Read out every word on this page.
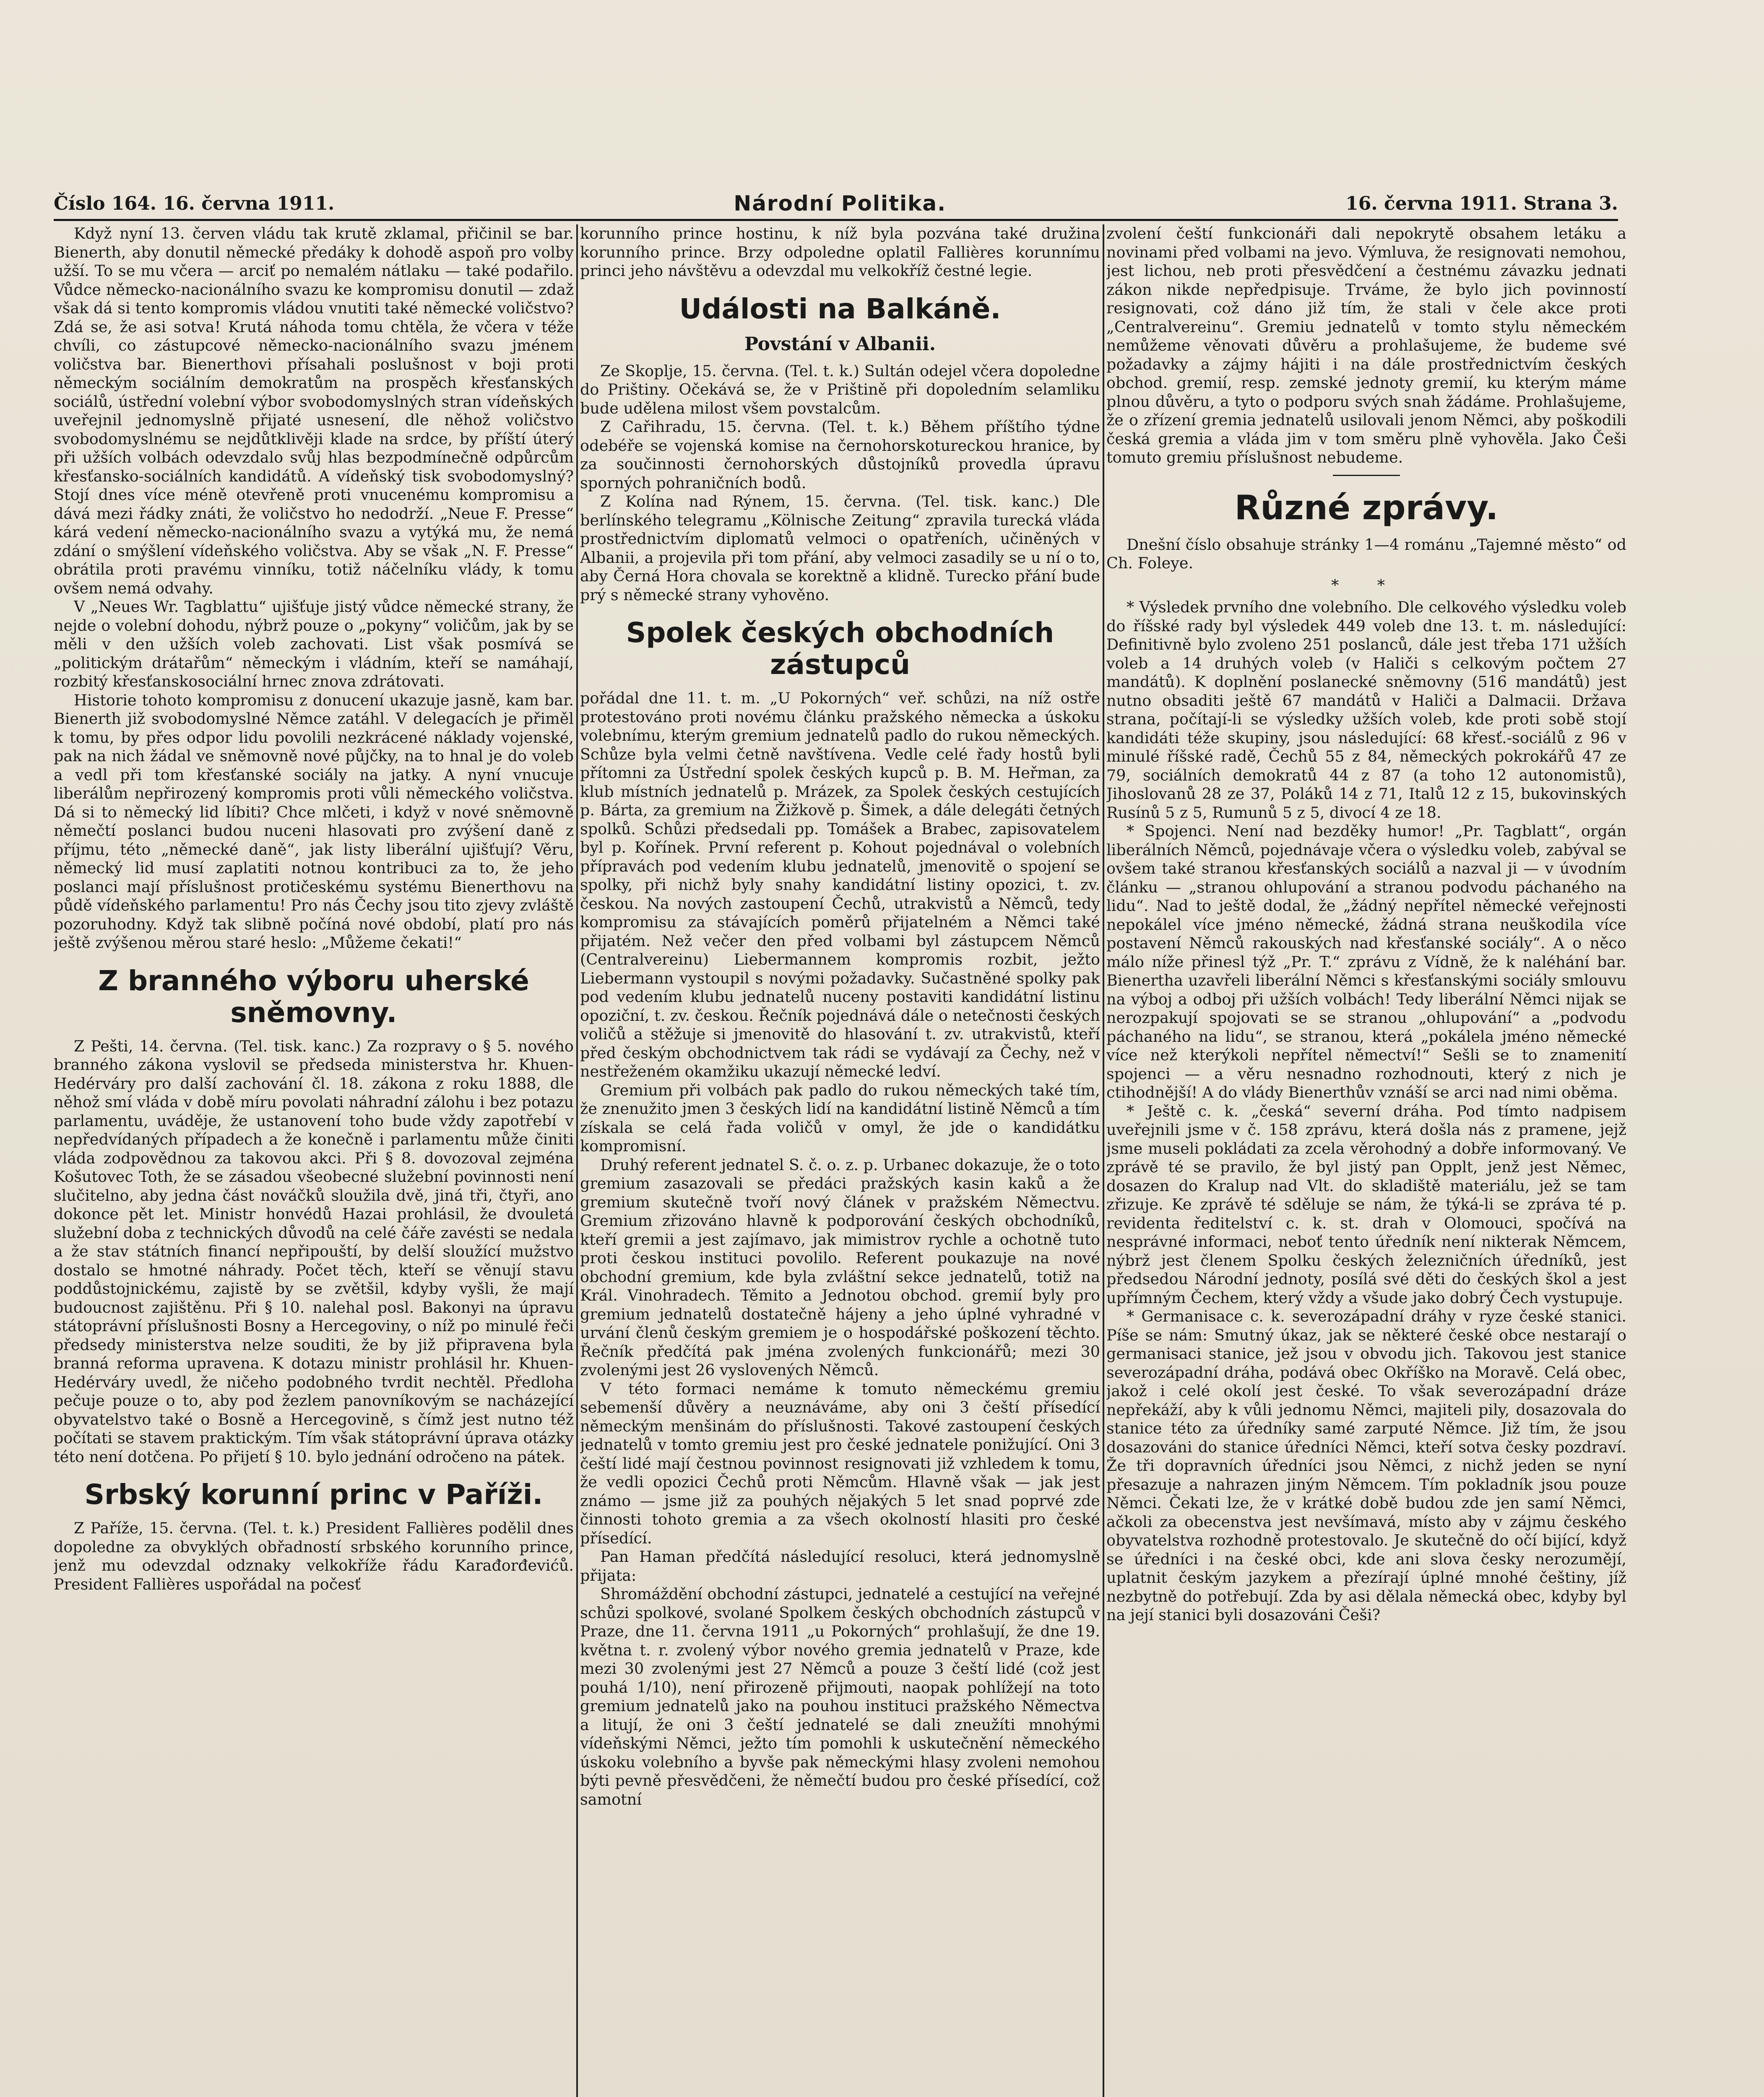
Číslo 164. 16. června 1911.	Národní Politika.	16. června 1911. Strana 3.

Když nyní 13. červen vládu tak krutě zklamal, přičinil se bar. Bienerth, aby donutil německé předáky k dohodě aspoň pro volby užší. To se mu včera — arciť po nemalém nátlaku — také podařilo. Vůdce německo-nacionálního svazu ke kompromisu donutil — zdaž však dá si tento kompromis vládou vnutiti také německé voličstvo? Zdá se, že asi sotva! Krutá náhoda tomu chtěla, že včera v téže chvíli, co zástupcové německo-nacionálního svazu jménem voličstva bar. Bienerthovi přísahali poslušnost v boji proti německým sociálním demokratům na prospěch křesťanských sociálů, ústřední volební výbor svobodomyslných stran vídeňských uveřejnil jednomyslně přijaté usnesení, dle něhož voličstvo svobodomyslnému se nejdůtklivěji klade na srdce, by příští úterý při užších volbách odevzdalo svůj hlas bezpodmínečně odpůrcům křesťansko-sociálních kandidátů. A vídeňský tisk svobodomyslný? Stojí dnes více méně otevřeně proti vnucenému kompromisu a dává mezi řádky znáti, že voličstvo ho nedodrží. „Neue F. Presse“ kárá vedení německo-nacionálního svazu a vytýká mu, že nemá zdání o smýšlení vídeňského voličstva. Aby se však „N. F. Presse“ obrátila proti pravému vinníku, totiž náčelníku vlády, k tomu ovšem nemá odvahy.

V „Neues Wr. Tagblattu“ ujišťuje jistý vůdce německé strany, že nejde o volební dohodu, nýbrž pouze o „pokyny“ voličům, jak by se měli v den užších voleb zachovati. List však posmívá se „politickým drátařům“ německým i vládním, kteří se namáhají, rozbitý křesťanskosociální hrnec znova zdrátovati.

Historie tohoto kompromisu z donucení ukazuje jasně, kam bar. Bienerth již svobodomyslné Němce zatáhl. V delegacích je přiměl k tomu, by přes odpor lidu povolili nezkrácené náklady vojenské, pak na nich žádal ve sněmovně nové půjčky, na to hnal je do voleb a vedl při tom křesťanské sociály na jatky. A nyní vnucuje liberálům nepřirozený kompromis proti vůli německého voličstva. Dá si to německý lid líbiti? Chce mlčeti, i když v nové sněmovně němečtí poslanci budou nuceni hlasovati pro zvýšení daně z příjmu, této „německé daně“, jak listy liberální ujišťují? Věru, německý lid musí zaplatiti notnou kontribuci za to, že jeho poslanci mají příslušnost protičeskému systému Bienerthovu na půdě vídeňského parlamentu! Pro nás Čechy jsou tito zjevy zvláště pozoruhodny. Když tak slibně počíná nové období, platí pro nás ještě zvýšenou měrou staré heslo: „Můžeme čekati!“

Z branného výboru uherské sněmovny.

Z Pešti, 14. června. (Tel. tisk. kanc.) Za rozpravy o § 5. nového branného zákona vyslovil se předseda ministerstva hr. Khuen-Hedérváry pro další zachování čl. 18. zákona z roku 1888, dle něhož smí vláda v době míru povolati náhradní zálohu i bez potazu parlamentu, uváděje, že ustanovení toho bude vždy zapotřebí v nepředvídaných případech a že konečně i parlamentu může činiti vláda zodpovědnou za takovou akci. Při § 8. dovozoval zejména Košutovec Toth, že se zásadou všeobecné služební povinnosti není slučitelno, aby jedna část nováčků sloužila dvě, jiná tři, čtyři, ano dokonce pět let. Ministr honvédů Hazai prohlásil, že dvouletá služební doba z technických důvodů na celé čáře zavésti se nedala a že stav státních financí nepřipouští, by delší sloužící mužstvo dostalo se hmotné náhrady. Počet těch, kteří se věnují stavu poddůstojnickému, zajistě by se zvětšil, kdyby vyšli, že mají budoucnost zajištěnu. Při § 10. nalehal posl. Bakonyi na úpravu státoprávní příslušnosti Bosny a Hercegoviny, o níž po minulé řeči předsedy ministerstva nelze souditi, že by již připravena byla branná reforma upravena. K dotazu ministr prohlásil hr. Khuen-Hedérváry uvedl, že ničeho podobného tvrdit nechtěl. Předloha pečuje pouze o to, aby pod žezlem panovníkovým se nacházející obyvatelstvo také o Bosně a Hercegovině, s čímž jest nutno též počítati se stavem praktickým. Tím však státoprávní úprava otázky této není dotčena. Po přijetí § 10. bylo jednání odročeno na pátek.

Srbský korunní princ v Paříži.

Z Paříže, 15. června. (Tel. t. k.) President Fallières podělil dnes dopoledne za obvyklých obřadností srbského korunního prince, jenž mu odevzdal odznaky velkokříže řádu Karađorđevićů. President Fallières uspořádal na počesť

korunního prince hostinu, k níž byla pozvána také družina korunního prince. Brzy odpoledne oplatil Fallières korunnímu princi jeho návštěvu a odevzdal mu velkokříž čestné legie.

Události na Balkáně.
Povstání v Albanii.

Ze Skoplje, 15. června. (Tel. t. k.) Sultán odejel včera dopoledne do Prištiny. Očekává se, že v Prištině při dopoledním selamliku bude udělena milost všem povstalcům.

Z Cařihradu, 15. června. (Tel. t. k.) Během příštího týdne odebéře se vojenská komise na černohorskotureckou hranice, by za součinnosti černohorských důstojníků provedla úpravu sporných pohraničních bodů.

Z Kolína nad Rýnem, 15. června. (Tel. tisk. kanc.) Dle berlínského telegramu „Kölnische Zeitung“ zpravila turecká vláda prostřednictvím diplomatů velmoci o opatřeních, učiněných v Albanii, a projevila při tom přání, aby velmoci zasadily se u ní o to, aby Černá Hora chovala se korektně a klidně. Turecko přání bude prý s německé strany vyhověno.

Spolek českých obchodních zástupců

pořádal dne 11. t. m. „U Pokorných“ veř. schůzi, na níž ostře protestováno proti novému článku pražského německa a úskoku volebnímu, kterým gremium jednatelů padlo do rukou německých. Schůze byla velmi četně navštívena. Vedle celé řady hostů byli přítomni za Ústřední spolek českých kupců p. B. M. Heřman, za klub místních jednatelů p. Mrázek, za Spolek českých cestujících p. Bárta, za gremium na Žižkově p. Šimek, a dále delegáti četných spolků. Schůzi předsedali pp. Tomášek a Brabec, zapisovatelem byl p. Kořínek. První referent p. Kohout pojednával o volebních přípravách pod vedením klubu jednatelů, jmenovitě o spojení se spolky, při nichž byly snahy kandidátní listiny opozici, t. zv. českou. Na nových zastoupení Čechů, utrakvistů a Němců, tedy kompromisu za stávajících poměrů přijatelném a Němci také přijatém. Než večer den před volbami byl zástupcem Němců (Centralvereinu) Liebermannem kompromis rozbit, ježto Liebermann vystoupil s novými požadavky. Sučastněné spolky pak pod vedením klubu jednatelů nuceny postaviti kandidátní listinu opoziční, t. zv. českou. Řečník pojednává dále o netečnosti českých voličů a stěžuje si jmenovitě do hlasování t. zv. utrakvistů, kteří před českým obchodnictvem tak rádi se vydávají za Čechy, než v nestřeženém okamžiku ukazují německé ledví.

Gremium při volbách pak padlo do rukou německých také tím, že znenužito jmen 3 českých lidí na kandidátní listině Němců a tím získala se celá řada voličů v omyl, že jde o kandidátku kompromisní.

Druhý referent jednatel S. č. o. z. p. Urbanec dokazuje, že o toto gremium zasazovali se předáci pražských kasin kaků a že gremium skutečně tvoří nový článek v pražském Němectvu. Gremium zřizováno hlavně k podporování českých obchodníků, kteří gremii a jest zajímavo, jak mimistrov rychle a ochotně tuto proti českou instituci povolilo. Referent poukazuje na nové obchodní gremium, kde byla zvláštní sekce jednatelů, totiž na Král. Vinohradech. Těmito a Jednotou obchod. gremií byly pro gremium jednatelů dostatečně hájeny a jeho úplné vyhradné v urvání členů českým gremiem je o hospodářské poškození těchto. Řečník předčítá pak jména zvolených funkcionářů; mezi 30 zvolenými jest 26 vyslovených Němců.

V této formaci nemáme k tomuto německému gremiu sebemenší důvěry a neuznáváme, aby oni 3 čeští přísedící německým menšinám do příslušnosti. Takové zastoupení českých jednatelů v tomto gremiu jest pro české jednatele ponižující. Oni 3 čeští lidé mají čestnou povinnost resignovati již vzhledem k tomu, že vedli opozici Čechů proti Němcům. Hlavně však — jak jest známo — jsme již za pouhých nějakých 5 let snad poprvé zde činnosti tohoto gremia a za všech okolností hlasiti pro české přísedící.

Pan Haman předčítá následující resoluci, která jednomyslně přijata:

Shromáždění obchodní zástupci, jednatelé a cestující na veřejné schůzi spolkové, svolané Spolkem českých obchodních zástupců v Praze, dne 11. června 1911 „u Pokorných“ prohlašují, že dne 19. května t. r. zvolený výbor nového gremia jednatelů v Praze, kde mezi 30 zvolenými jest 27 Němců a pouze 3 čeští lidé (což jest pouhá 1/10), není přirozeně přijmouti, naopak pohlížejí na toto gremium jednatelů jako na pouhou instituci pražského Němectva a litují, že oni 3 čeští jednatelé se dali zneužíti mnohými vídeňskými Němci, ježto tím pomohli k uskutečnění německého úskoku volebního a byvše pak německými hlasy zvoleni nemohou býti pevně přesvědčeni, že němečtí budou pro české přísedící, což samotní

zvolení čeští funkcionáři dali nepokrytě obsahem letáku a novinami před volbami na jevo. Výmluva, že resignovati nemohou, jest lichou, neb proti přesvědčení a čestnému závazku jednati zákon nikde nepředpisuje. Trváme, že bylo jich povinností resignovati, což dáno již tím, že stali v čele akce proti „Centralvereinu“. Gremiu jednatelů v tomto stylu německém nemůžeme věnovati důvěru a prohlašujeme, že budeme své požadavky a zájmy hájiti i na dále prostřednictvím českých obchod. gremií, resp. zemské jednoty gremií, ku kterým máme plnou důvěru, a tyto o podporu svých snah žádáme. Prohlašujeme, že o zřízení gremia jednatelů usilovali jenom Němci, aby poškodili česká gremia a vláda jim v tom směru plně vyhověla. Jako Češi tomuto gremiu příslušnost nebudeme.

Různé zprávy.

Dnešní číslo obsahuje stránky 1—4 románu „Tajemné město“ od Ch. Foleye.

* *

* Výsledek prvního dne volebního. Dle celkového výsledku voleb do říšské rady byl výsledek 449 voleb dne 13. t. m. následující: Definitivně bylo zvoleno 251 poslanců, dále jest třeba 171 užších voleb a 14 druhých voleb (v Haliči s celkovým počtem 27 mandátů). K doplnění poslanecké sněmovny (516 mandátů) jest nutno obsaditi ještě 67 mandátů v Haliči a Dalmacii. Država strana, počítají-li se výsledky užších voleb, kde proti sobě stojí kandidáti téže skupiny, jsou následující: 68 křesť.-sociálů z 96 v minulé říšské radě, Čechů 55 z 84, německých pokrokářů 47 ze 79, sociálních demokratů 44 z 87 (a toho 12 autonomistů), Jihoslovanů 28 ze 37, Poláků 14 z 71, Italů 12 z 15, bukovinských Rusínů 5 z 5, Rumunů 5 z 5, divocí 4 ze 18.

* Spojenci. Není nad bezděky humor! „Pr. Tagblatt“, orgán liberálních Němců, pojednávaje včera o výsledku voleb, zabýval se ovšem také stranou křesťanských sociálů a nazval ji — v úvodním článku — „stranou ohlupování a stranou podvodu páchaného na lidu“. Nad to ještě dodal, že „žádný nepřítel německé veřejnosti nepokálel více jméno německé, žádná strana neuškodila více postavení Němců rakouských nad křesťanské sociály“. A o něco málo níže přinesl týž „Pr. T.“ zprávu z Vídně, že k naléhání bar. Bienertha uzavřeli liberální Němci s křesťanskými sociály smlouvu na výboj a odboj při užších volbách! Tedy liberální Němci nijak se nerozpakují spojovati se se stranou „ohlupování“ a „podvodu páchaného na lidu“, se stranou, která „pokálela jméno německé více než kterýkoli nepřítel němectví!“ Sešli se to znamenití spojenci — a věru nesnadno rozhodnouti, který z nich je ctihodnější! A do vlády Bienerthův vznáší se arci nad nimi oběma.

* Ještě c. k. „česká“ severní dráha. Pod tímto nadpisem uveřejnili jsme v č. 158 zprávu, která došla nás z pramene, jejž jsme museli pokládati za zcela věrohodný a dobře informovaný. Ve zprávě té se pravilo, že byl jistý pan Opplt, jenž jest Němec, dosazen do Kralup nad Vlt. do skladiště materiálu, jež se tam zřizuje. Ke zprávě té sděluje se nám, že týká-li se zpráva té p. revidenta ředitelství c. k. st. drah v Olomouci, spočívá na nesprávné informaci, neboť tento úředník není nikterak Němcem, nýbrž jest členem Spolku českých železničních úředníků, jest předsedou Národní jednoty, posílá své děti do českých škol a jest upřímným Čechem, který vždy a všude jako dobrý Čech vystupuje.

* Germanisace c. k. severozápadní dráhy v ryze české stanici. Píše se nám: Smutný úkaz, jak se některé české obce nestarají o germanisaci stanice, jež jsou v obvodu jich. Takovou jest stanice severozápadní dráha, podává obec Okříško na Moravě. Celá obec, jakož i celé okolí jest české. To však severozápadní dráze nepřekáží, aby k vůli jednomu Němci, majiteli pily, dosazovala do stanice této za úředníky samé zarputé Němce. Již tím, že jsou dosazováni do stanice úředníci Němci, kteří sotva česky pozdraví. Že tři dopravních úředníci jsou Němci, z nichž jeden se nyní přesazuje a nahrazen jiným Němcem. Tím pokladník jsou pouze Němci. Čekati lze, že v krátké době budou zde jen samí Němci, ačkoli za obecenstva jest nevšímavá, místo aby v zájmu českého obyvatelstva rozhodně protestovalo. Je skutečně do očí bijící, když se úředníci i na české obci, kde ani slova česky nerozumějí, uplatnit českým jazykem a přezírají úplné mnohé češtiny, jíž nezbytně do potřebují. Zda by asi dělala německá obec, kdyby byl na její stanici byli dosazováni Češi?
